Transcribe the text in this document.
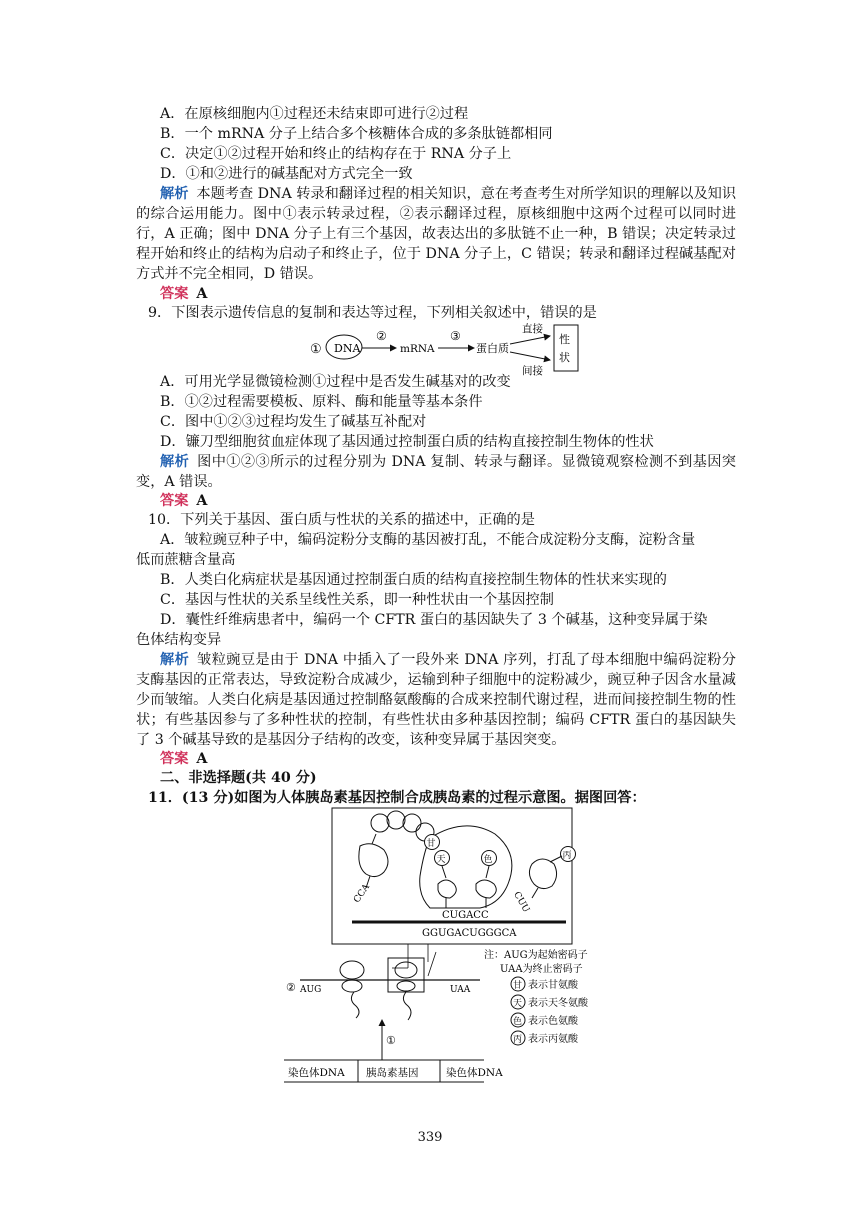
A．在原核细胞内①过程还未结束即可进行②过程
B．一个 mRNA 分子上结合多个核糖体合成的多条肽链都相同
C．决定①②过程开始和终止的结构存在于 RNA 分子上
D．①和②进行的碱基配对方式完全一致
解析 本题考查 DNA 转录和翻译过程的相关知识，意在考查考生对所学知识的理解以及知识的综合运用能力。图中①表示转录过程，②表示翻译过程，原核细胞中这两个过程可以同时进行，A 正确；图中 DNA 分子上有三个基因，故表达出的多肽链不止一种，B 错误；决定转录过程开始和终止的结构为启动子和终止子，位于 DNA 分子上，C 错误；转录和翻译过程碱基配对方式并不完全相同，D 错误。
答案 A
9．下图表示遗传信息的复制和表达等过程，下列相关叙述中，错误的是
① DNA
②
mRNA
③
蛋白质
直接
间接
性
状
A．可用光学显微镜检测①过程中是否发生碱基对的改变
B．①②过程需要模板、原料、酶和能量等基本条件
C．图中①②③过程均发生了碱基互补配对
D．镰刀型细胞贫血症体现了基因通过控制蛋白质的结构直接控制生物体的性状
解析 图中①②③所示的过程分别为 DNA 复制、转录与翻译。显微镜观察检测不到基因突变，A 错误。
答案 A
10．下列关于基因、蛋白质与性状的关系的描述中，正确的是
A．皱粒豌豆种子中，编码淀粉分支酶的基因被打乱，不能合成淀粉分支酶，淀粉含量
低而蔗糖含量高
B．人类白化病症状是基因通过控制蛋白质的结构直接控制生物体的性状来实现的
C．基因与性状的关系呈线性关系，即一种性状由一个基因控制
D．囊性纤维病患者中，编码一个 CFTR 蛋白的基因缺失了 3 个碱基，这种变异属于染
色体结构变异
解析 皱粒豌豆是由于 DNA 中插入了一段外来 DNA 序列，打乱了母本细胞中编码淀粉分支酶基因的正常表达，导致淀粉合成减少，运输到种子细胞中的淀粉减少，豌豆种子因含水量减少而皱缩。人类白化病是基因通过控制酪氨酸酶的合成来控制代谢过程，进而间接控制生物的性状；有些基因参与了多种性状的控制，有些性状由多种基因控制；编码 CFTR 蛋白的基因缺失了 3 个碱基导致的是基因分子结构的改变，该种变异属于基因突变。
答案 A
二、非选择题(共 40 分)
11．(13 分)如图为人体胰岛素基因控制合成胰岛素的过程示意图。据图回答：
甘
天	色	丙
CCA	CUU
CUGACC
GGUGACUGGGCA
注：AUG为起始密码子
UAA为终止密码子
② AUG	UAA	甘 表示甘氨酸
天 表示天冬氨酸
色 表示色氨酸
丙 表示丙氨酸
①
染色体DNA 胰岛素基因	染色体DNA
339
